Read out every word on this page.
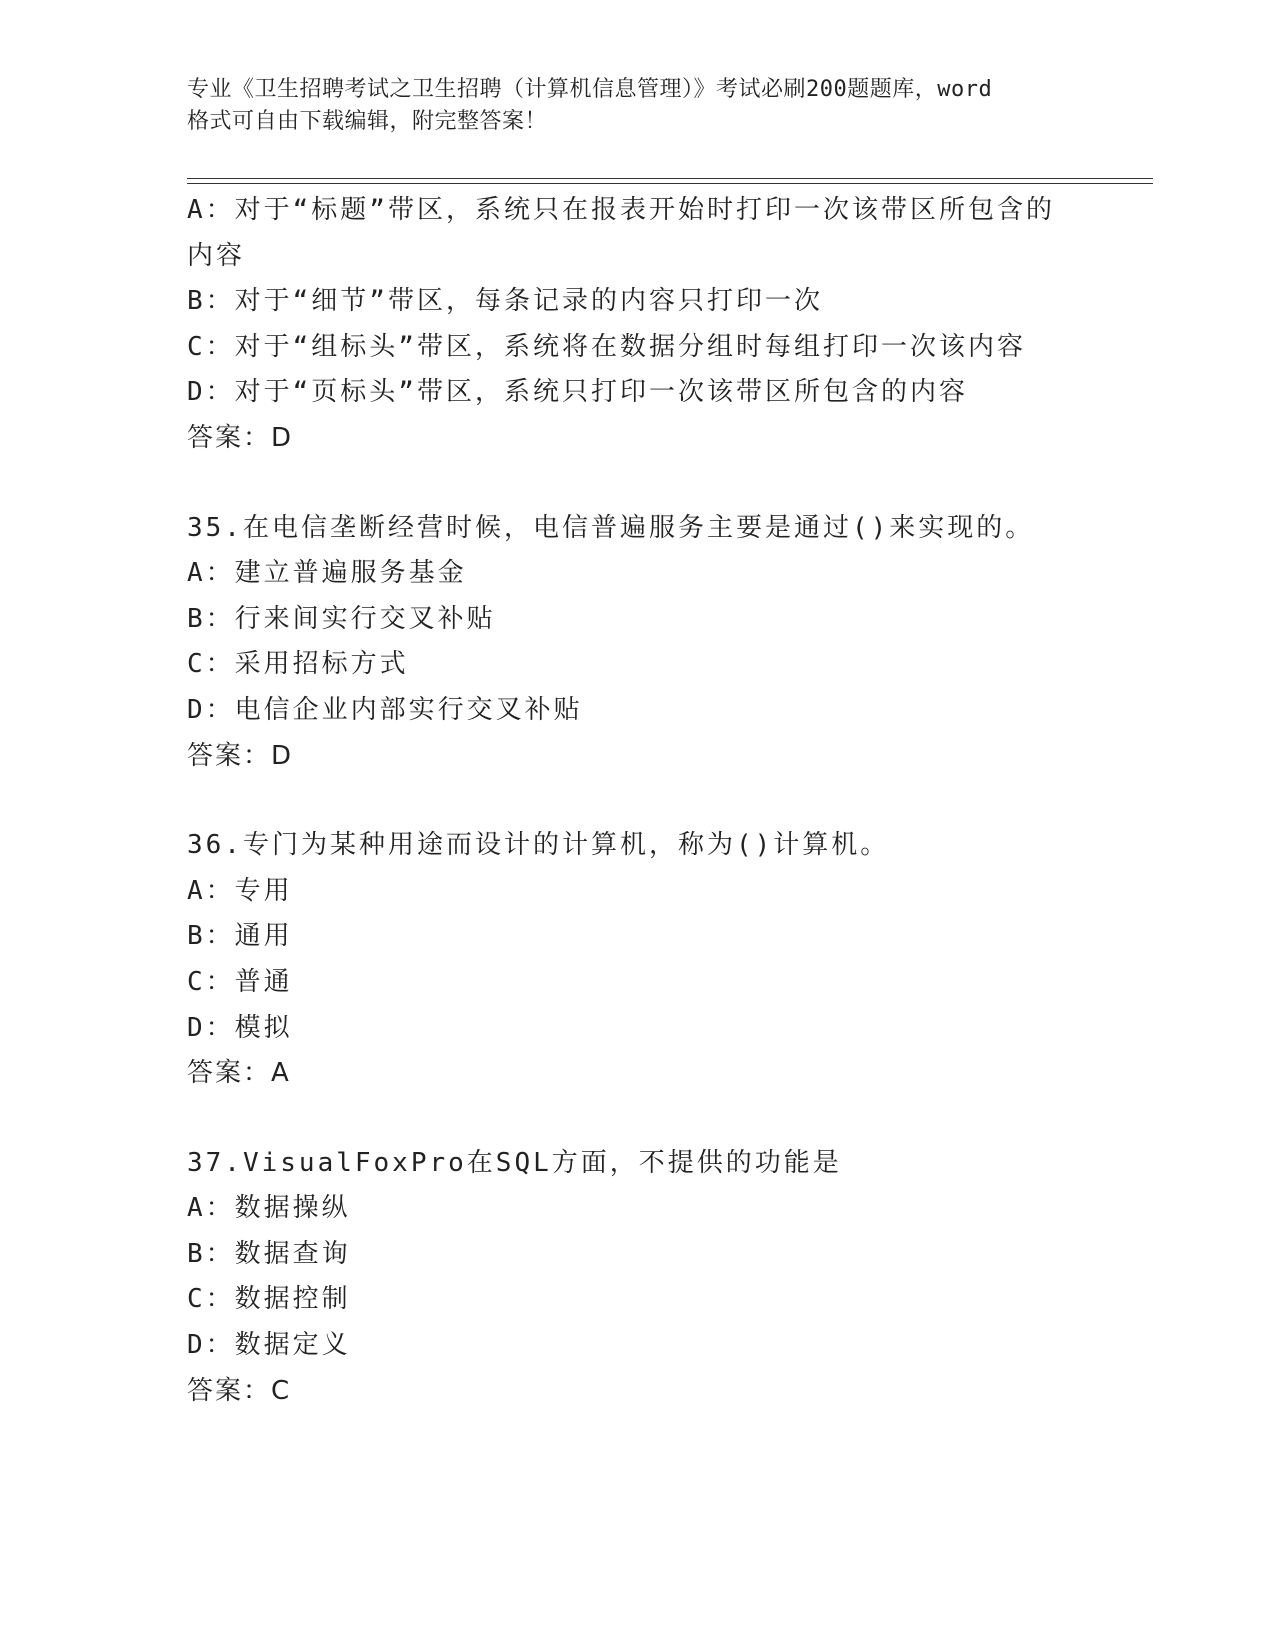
专业《卫生招聘考试之卫生招聘（计算机信息管理）》考试必刷200题题库，word
格式可自由下载编辑，附完整答案！
A：对于“标题”带区，系统只在报表开始时打印一次该带区所包含的
内容
B：对于“细节”带区，每条记录的内容只打印一次
C：对于“组标头”带区，系统将在数据分组时每组打印一次该内容
D：对于“页标头”带区，系统只打印一次该带区所包含的内容
答案：D
35.在电信垄断经营时候，电信普遍服务主要是通过()来实现的。
A：建立普遍服务基金
B：行来间实行交叉补贴
C：采用招标方式
D：电信企业内部实行交叉补贴
答案：D
36.专门为某种用途而设计的计算机，称为()计算机。
A：专用
B：通用
C：普通
D：模拟
答案：A
37.VisualFoxPro在SQL方面，不提供的功能是
A：数据操纵
B：数据查询
C：数据控制
D：数据定义
答案：C
